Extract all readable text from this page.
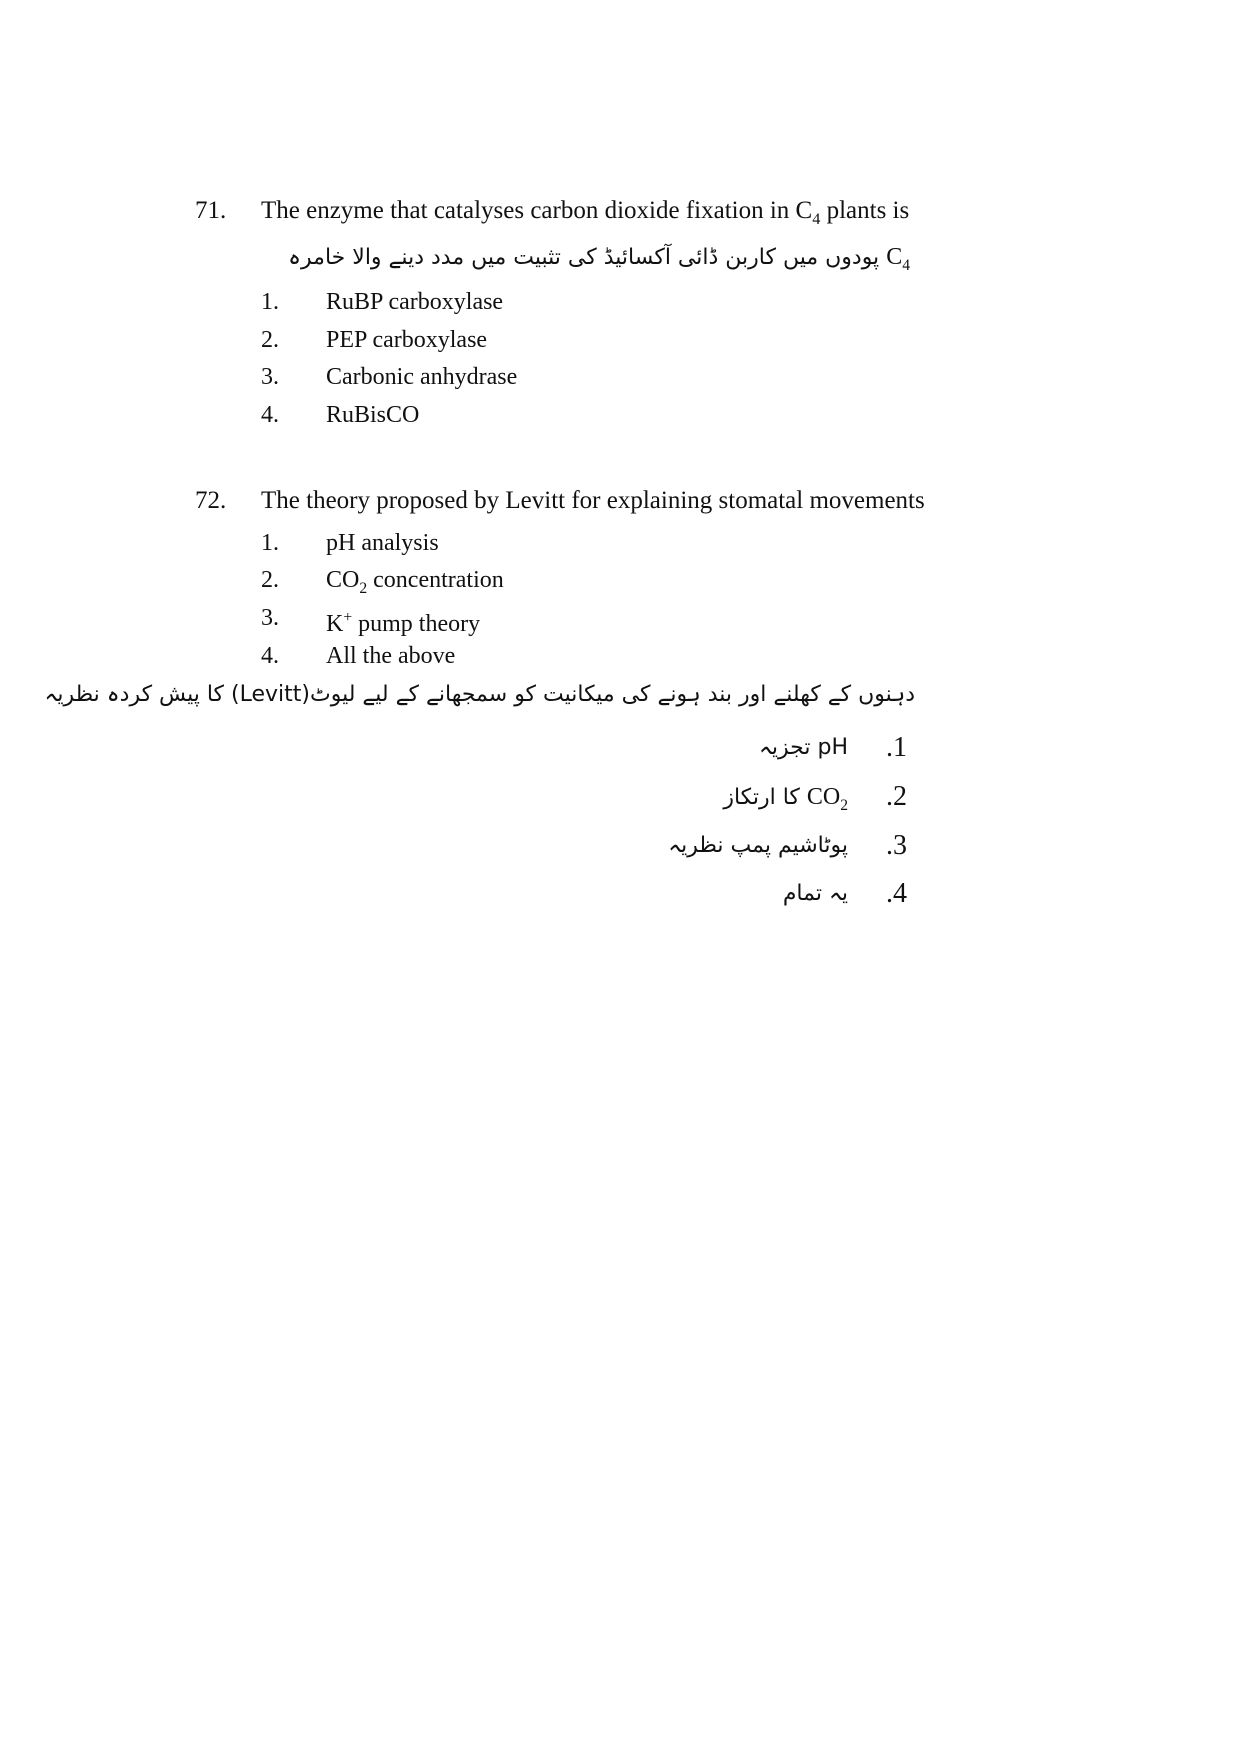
71. The enzyme that catalyses carbon dioxide fixation in $C_4$ plants is
$C_4$ پودوں میں کاربن ڈائی آکسائیڈ کی تثبیت میں مدد دینے والا خامرہ
1. RuBP carboxylase
2. PEP carboxylase
3. Carbonic anhydrase
4. RuBisCO
72. The theory proposed by Levitt for explaining stomatal movements
1. pH analysis
2. $CO_2$ concentration
3. K+ pump theory
4. All the above
دہنوں کے کھلنے اور بند ہونے کی میکانیت کو سمجھانے کے لیے لیوٹ(Levitt) کا پیش کردہ نظریہ
.1
pH تجزیہ
.2
$CO_2$ کا ارتکاز
.3
پوٹاشیم پمپ نظریہ
.4
یہ تمام
